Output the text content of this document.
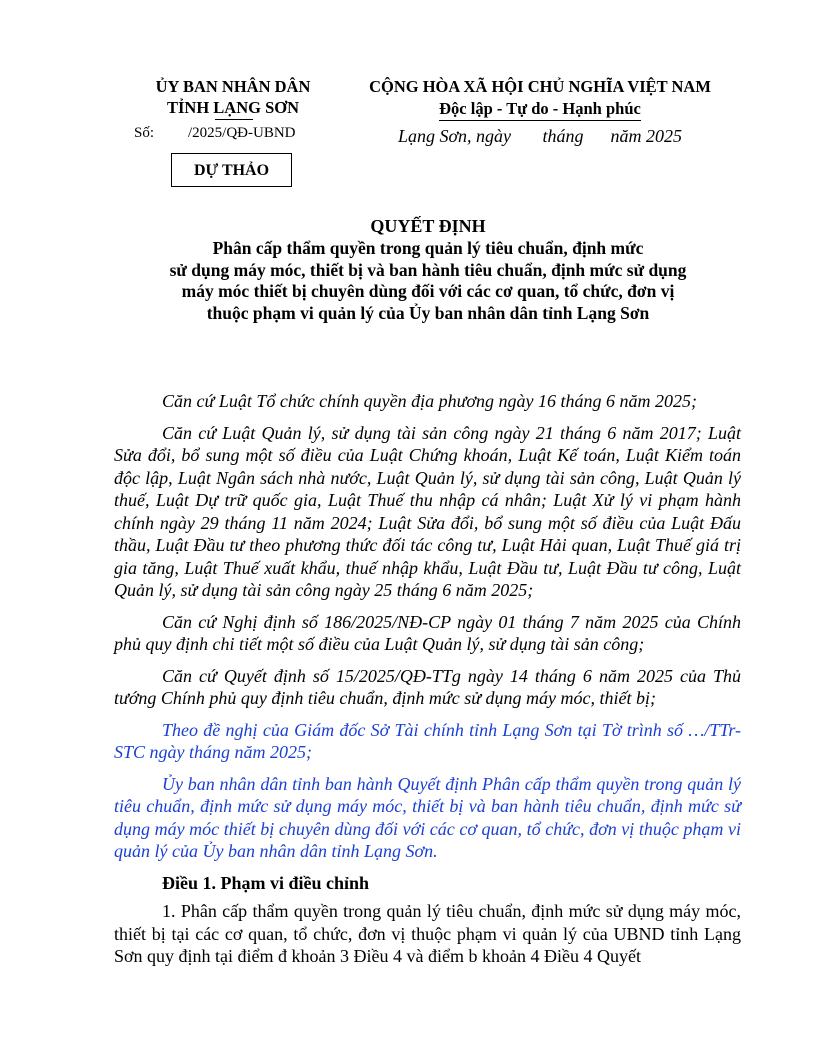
ỦY BAN NHÂN DÂN
TỈNH LẠNG SƠN
CỘNG HÒA XÃ HỘI CHỦ NGHĨA VIỆT NAM
Độc lập - Tự do - Hạnh phúc
Số: /2025/QĐ-UBND	Lạng Sơn, ngày       tháng      năm 2025
DỰ THẢO
QUYẾT ĐỊNH
Phân cấp thẩm quyền trong quản lý tiêu chuẩn, định mức
sử dụng máy móc, thiết bị và ban hành tiêu chuẩn, định mức sử dụng
máy móc thiết bị chuyên dùng đối với các cơ quan, tổ chức, đơn vị
thuộc phạm vi quản lý của Ủy ban nhân dân tỉnh Lạng Sơn

Căn cứ Luật Tổ chức chính quyền địa phương ngày 16 tháng 6 năm 2025;

Căn cứ Luật Quản lý, sử dụng tài sản công ngày 21 tháng 6 năm 2017; Luật Sửa đổi, bổ sung một số điều của Luật Chứng khoán, Luật Kế toán, Luật Kiểm toán độc lập, Luật Ngân sách nhà nước, Luật Quản lý, sử dụng tài sản công, Luật Quản lý thuế, Luật Dự trữ quốc gia, Luật Thuế thu nhập cá nhân; Luật Xử lý vi phạm hành chính ngày 29 tháng 11 năm 2024; Luật Sửa đổi, bổ sung một số điều của Luật Đấu thầu, Luật Đầu tư theo phương thức đối tác công tư, Luật Hải quan, Luật Thuế giá trị gia tăng, Luật Thuế xuất khẩu, thuế nhập khẩu, Luật Đầu tư, Luật Đầu tư công, Luật Quản lý, sử dụng tài sản công ngày 25 tháng 6 năm 2025;

Căn cứ Nghị định số 186/2025/NĐ-CP ngày 01 tháng 7 năm 2025 của Chính phủ quy định chi tiết một số điều của Luật Quản lý, sử dụng tài sản công;

Căn cứ Quyết định số 15/2025/QĐ-TTg ngày 14 tháng 6 năm 2025 của Thủ tướng Chính phủ quy định tiêu chuẩn, định mức sử dụng máy móc, thiết bị;

Theo đề nghị của Giám đốc Sở Tài chính tỉnh Lạng Sơn tại Tờ trình số …/TTr-STC ngày tháng năm 2025;

Ủy ban nhân dân tỉnh ban hành Quyết định Phân cấp thẩm quyền trong quản lý tiêu chuẩn, định mức sử dụng máy móc, thiết bị và ban hành tiêu chuẩn, định mức sử dụng máy móc thiết bị chuyên dùng đối với các cơ quan, tổ chức, đơn vị thuộc phạm vi quản lý của Ủy ban nhân dân tỉnh Lạng Sơn.

Điều 1. Phạm vi điều chỉnh

1. Phân cấp thẩm quyền trong quản lý tiêu chuẩn, định mức sử dụng máy móc, thiết bị tại các cơ quan, tổ chức, đơn vị thuộc phạm vi quản lý của UBND tỉnh Lạng Sơn quy định tại điểm đ khoản 3 Điều 4 và điểm b khoản 4 Điều 4 Quyết
